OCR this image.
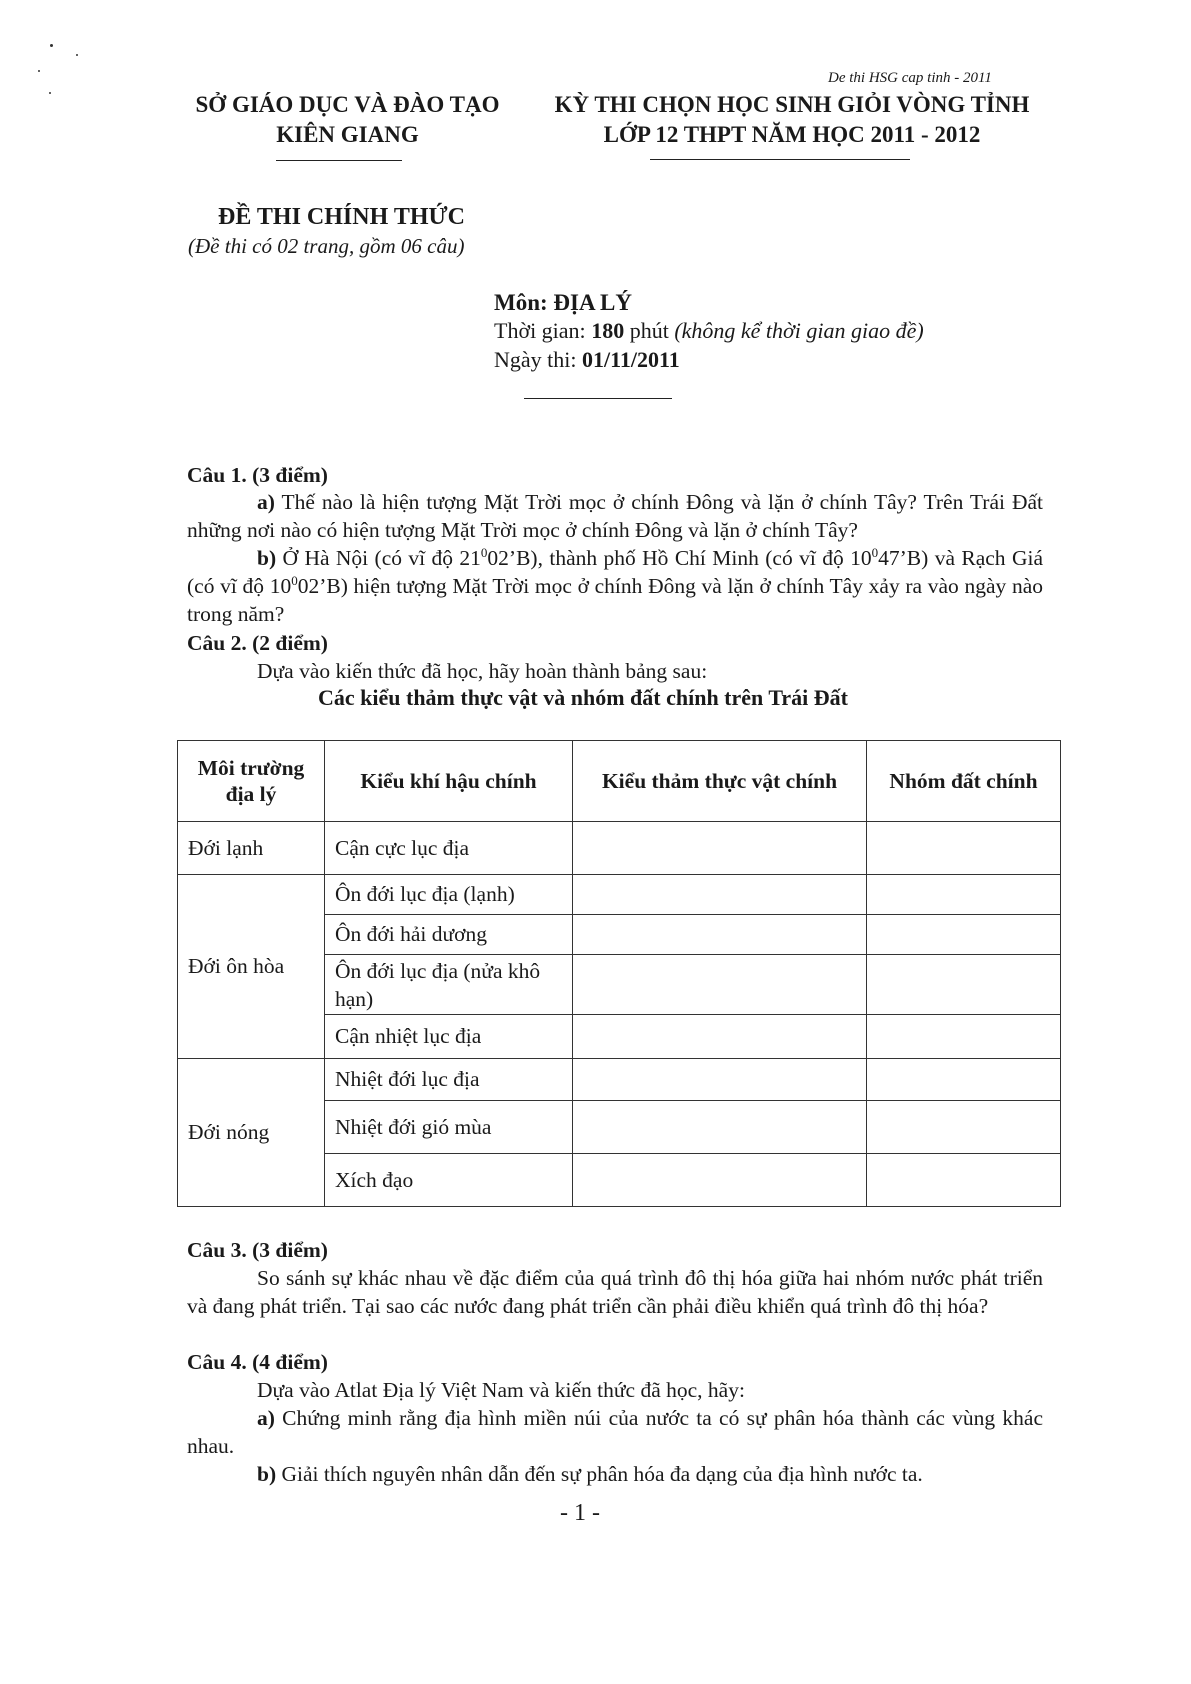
De thi HSG cap tinh - 2011
SỞ GIÁO DỤC VÀ ĐÀO TẠO
KIÊN GIANG
KỲ THI CHỌN HỌC SINH GIỎI VÒNG TỈNH
LỚP 12 THPT NĂM HỌC 2011 - 2012
ĐỀ THI CHÍNH THỨC
(Đề thi có 02 trang, gồm 06 câu)
Môn: ĐỊA LÝ
Thời gian: 180 phút (không kể thời gian giao đề)
Ngày thi: 01/11/2011
Câu 1. (3 điểm)
a) Thế nào là hiện tượng Mặt Trời mọc ở chính Đông và lặn ở chính Tây? Trên Trái Đất những nơi nào có hiện tượng Mặt Trời mọc ở chính Đông và lặn ở chính Tây?
b) Ở Hà Nội (có vĩ độ $21^002’B$), thành phố Hồ Chí Minh (có vĩ độ $10^047’B$) và Rạch Giá (có vĩ độ $10^002’B$) hiện tượng Mặt Trời mọc ở chính Đông và lặn ở chính Tây xảy ra vào ngày nào trong năm?
Câu 2. (2 điểm)
Dựa vào kiến thức đã học, hãy hoàn thành bảng sau:
Các kiểu thảm thực vật và nhóm đất chính trên Trái Đất
Môi trường địa lý	Kiểu khí hậu chính	Kiểu thảm thực vật chính	Nhóm đất chính
Đới lạnh	Cận cực lục địa		
Đới ôn hòa	Ôn đới lục địa (lạnh)		
	Ôn đới hải dương		
	Ôn đới lục địa (nửa khô hạn)		
	Cận nhiệt lục địa		
Đới nóng	Nhiệt đới lục địa		
	Nhiệt đới gió mùa		
	Xích đạo		
Câu 3. (3 điểm)
So sánh sự khác nhau về đặc điểm của quá trình đô thị hóa giữa hai nhóm nước phát triển và đang phát triển. Tại sao các nước đang phát triển cần phải điều khiển quá trình đô thị hóa?
Câu 4. (4 điểm)
Dựa vào Atlat Địa lý Việt Nam và kiến thức đã học, hãy:
a) Chứng minh rằng địa hình miền núi của nước ta có sự phân hóa thành các vùng khác nhau.
b) Giải thích nguyên nhân dẫn đến sự phân hóa đa dạng của địa hình nước ta.
- 1 -
